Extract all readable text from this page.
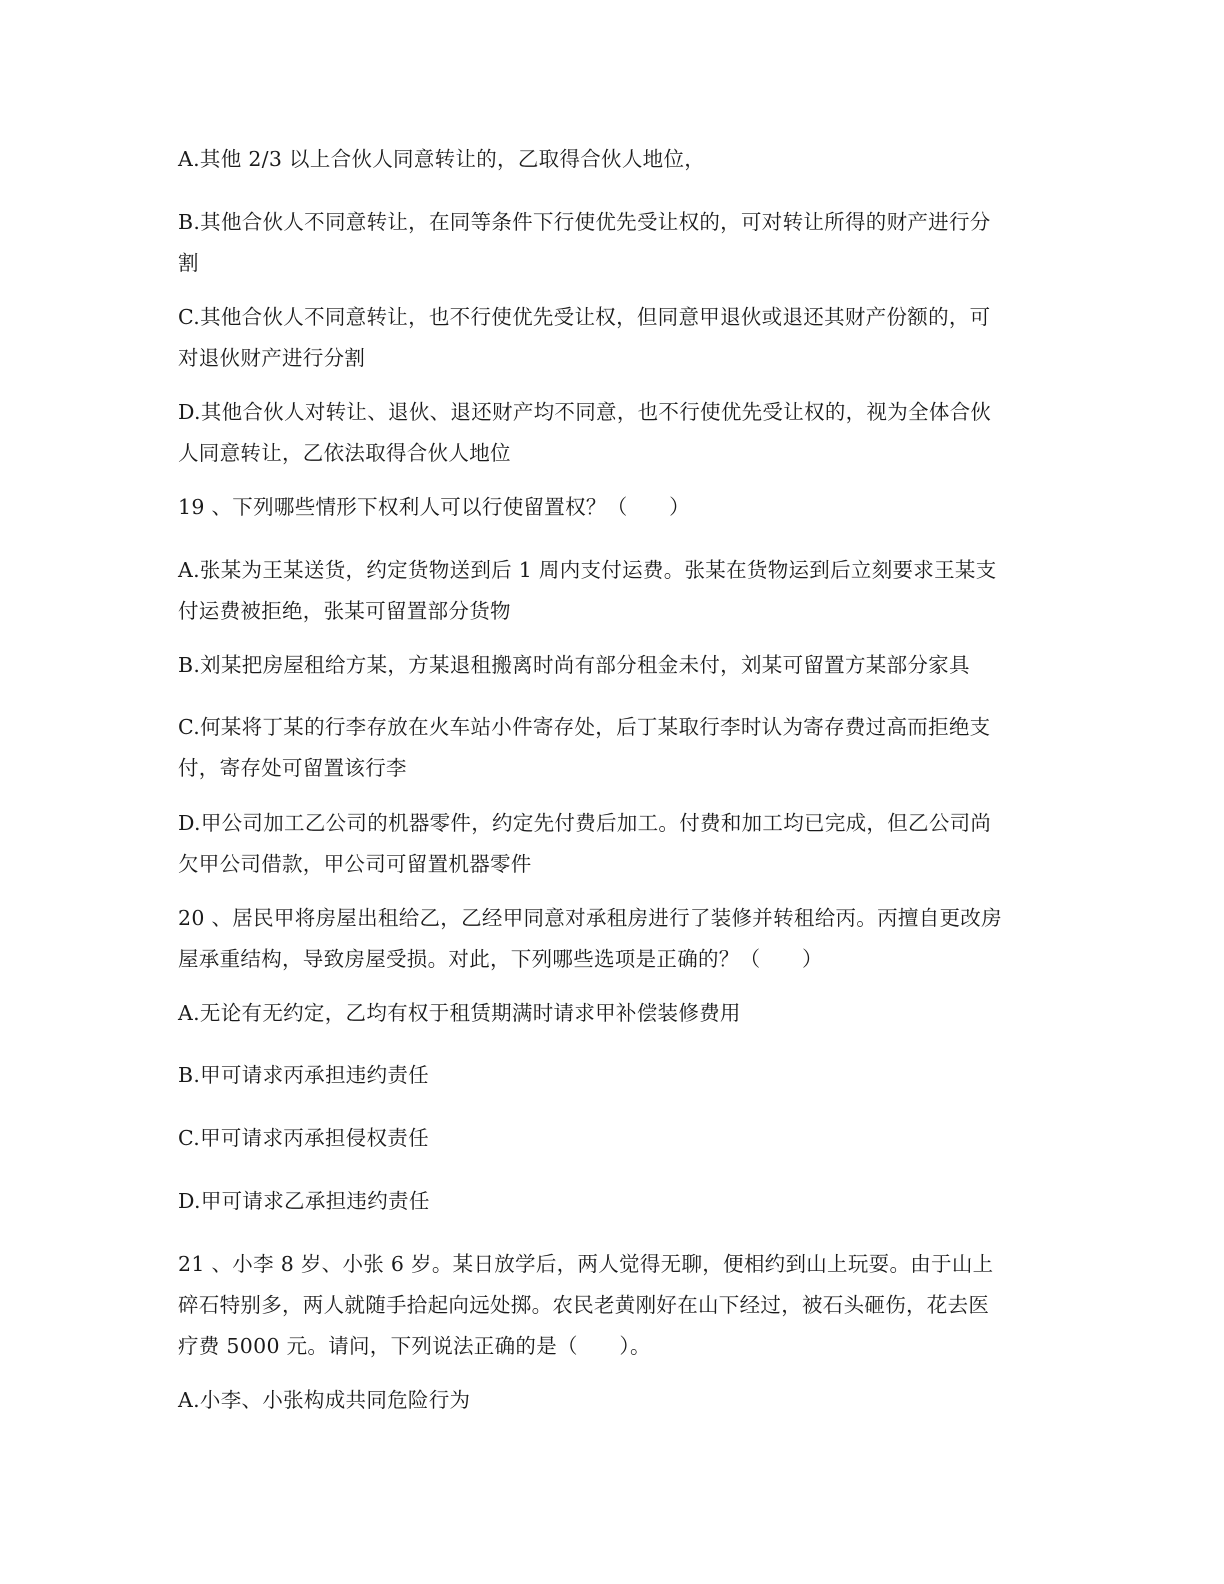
A.其他 2/3 以上合伙人同意转让的，乙取得合伙人地位，
B.其他合伙人不同意转让，在同等条件下行使优先受让权的，可对转让所得的财产进行分
割
C.其他合伙人不同意转让，也不行使优先受让权，但同意甲退伙或退还其财产份额的，可
对退伙财产进行分割
D.其他合伙人对转让、退伙、退还财产均不同意，也不行使优先受让权的，视为全体合伙
人同意转让，乙依法取得合伙人地位
19 、下列哪些情形下权利人可以行使留置权？（　　）
A.张某为王某送货，约定货物送到后 1 周内支付运费。张某在货物运到后立刻要求王某支
付运费被拒绝，张某可留置部分货物
B.刘某把房屋租给方某，方某退租搬离时尚有部分租金未付，刘某可留置方某部分家具
C.何某将丁某的行李存放在火车站小件寄存处，后丁某取行李时认为寄存费过高而拒绝支
付，寄存处可留置该行李
D.甲公司加工乙公司的机器零件，约定先付费后加工。付费和加工均已完成，但乙公司尚
欠甲公司借款，甲公司可留置机器零件
20 、居民甲将房屋出租给乙，乙经甲同意对承租房进行了装修并转租给丙。丙擅自更改房
屋承重结构，导致房屋受损。对此，下列哪些选项是正确的？（　　）
A.无论有无约定，乙均有权于租赁期满时请求甲补偿装修费用
B.甲可请求丙承担违约责任
C.甲可请求丙承担侵权责任
D.甲可请求乙承担违约责任
21 、小李 8 岁、小张 6 岁。某日放学后，两人觉得无聊，便相约到山上玩耍。由于山上
碎石特别多，两人就随手拾起向远处掷。农民老黄刚好在山下经过，被石头砸伤，花去医
疗费 5000 元。请问，下列说法正确的是（　　）。
A.小李、小张构成共同危险行为
